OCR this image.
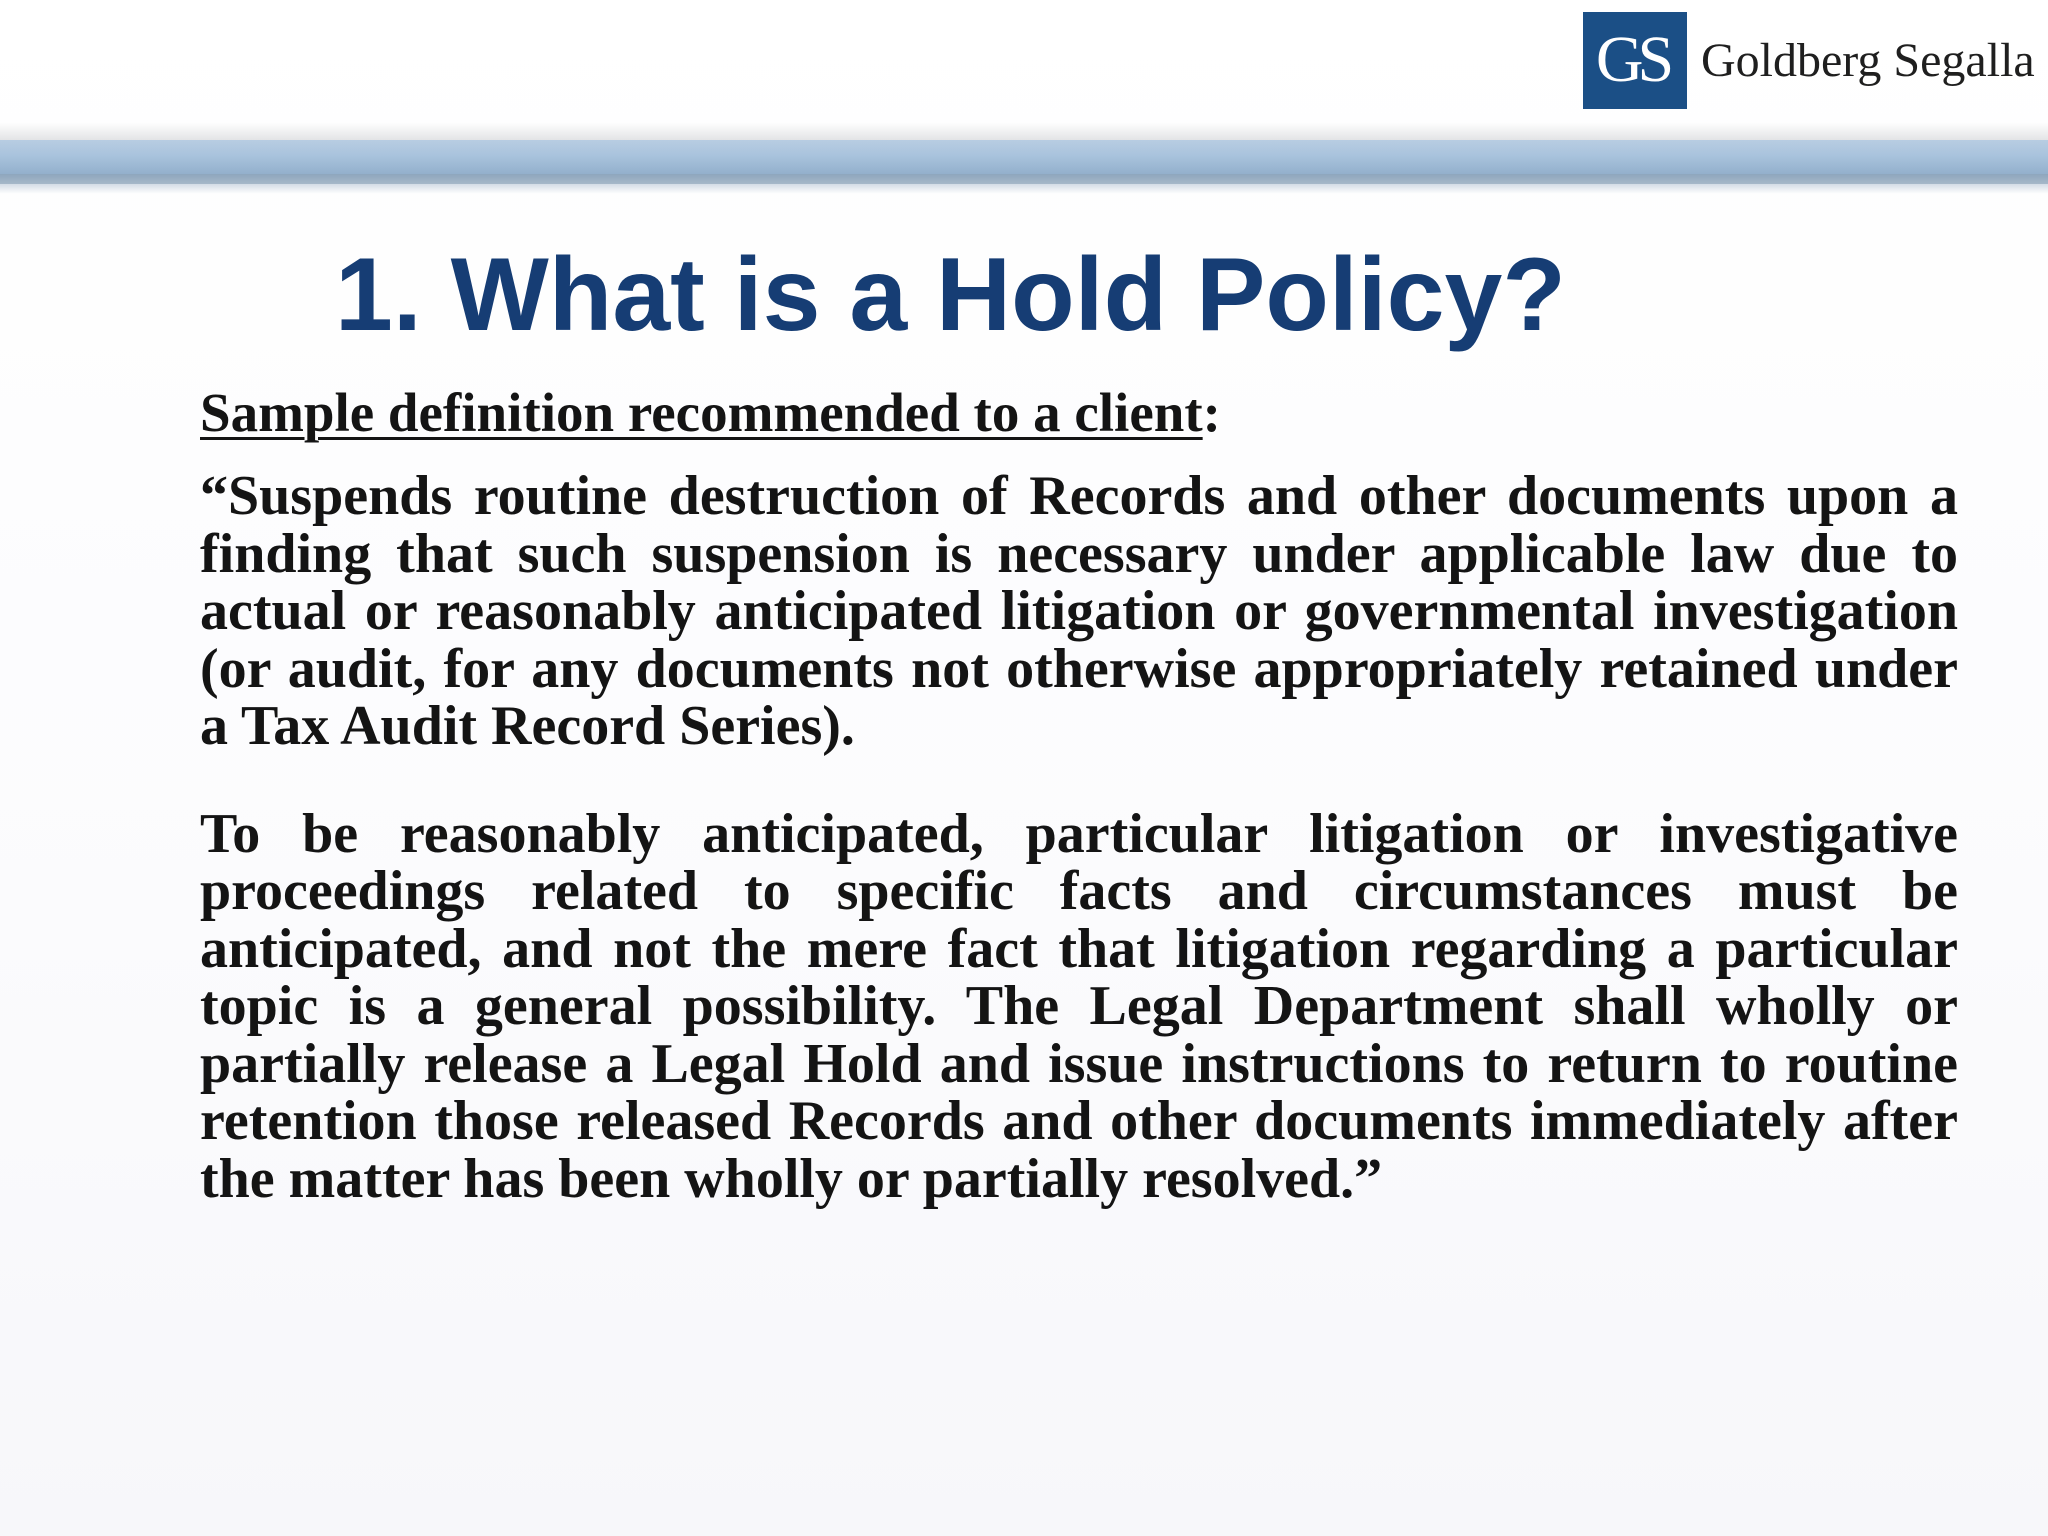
GS Goldberg Segalla
1. What is a Hold Policy?

Sample definition recommended to a client:

“Suspends routine destruction of Records and other documents upon a finding that such suspension is necessary under applicable law due to actual or reasonably anticipated litigation or governmental investigation (or audit, for any documents not otherwise appropriately retained under a Tax Audit Record Series).

To be reasonably anticipated, particular litigation or investigative proceedings related to specific facts and circumstances must be anticipated, and not the mere fact that litigation regarding a particular topic is a general possibility. The Legal Department shall wholly or partially release a Legal Hold and issue instructions to return to routine retention those released Records and other documents immediately after the matter has been wholly or partially resolved.”
